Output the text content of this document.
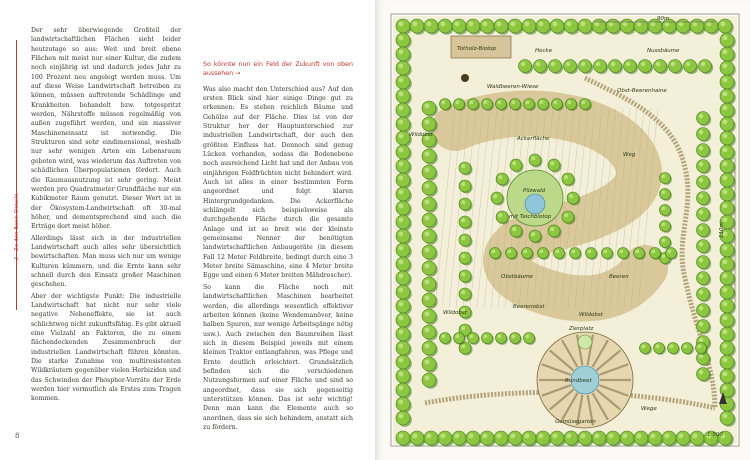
2 · Zu den Basis-Details

Der sehr überwiegende Großteil der landwirtschaftlichen Flächen sieht leider heutzutage so aus: Weit und breit ebene Flächen mit meist nur einer Kultur, die zudem noch einjährig ist und dadurch jedes Jahr zu 100 Prozent neu angelegt werden muss. Um auf diese Weise Landwirtschaft betreiben zu können, müssen auftretende Schädlinge und Krankheiten behandelt bzw. totgespritzt werden, Nährstoffe müssen regelmäßig von außen zugeführt werden, und ein massiver Maschineneinsatz ist notwendig. Die Strukturen sind sehr eindimensional, weshalb nur sehr wenigen Arten ein Lebensraum geboten wird, was wiederum das Auftreten von schädlichen Überpopulationen fördert. Auch die Raumausnutzung ist sehr gering. Meist werden pro Quadratmeter Grundfläche nur ein Kubikmeter Raum genutzt. Dieser Wert ist in der Ökosystem-Landwirtschaft oft 30-mal höher, und dementsprechend sind auch die Erträge dort meist höher.

Allerdings lässt sich in der industriellen Landwirtschaft auch alles sehr übersichtlich bewirtschaften. Man muss sich nur um wenige Kulturen kümmern, und die Ernte kann sehr schnell durch den Einsatz großer Maschinen geschehen.

Aber der wichtigste Punkt: Die industrielle Landwirtschaft hat nicht nur sehr viele negative Nebeneffekte, sie ist auch schlichtweg nicht zukunftsfähig. Es gibt aktuell eine Vielzahl an Faktoren, die zu einem flächendeckenden Zusammenbruch der industriellen Landwirtschaft führen könnten. Die starke Zunahme von multiresistenten Wildkräutern gegenüber vielen Herbiziden und das Schwinden der Phosphor-Vorräte der Erde werden hier vermutlich als Erstes zum Tragen kommen.

So könnte nun ein Feld der Zukunft von oben aussehen →

Was also macht den Unterschied aus? Auf den ersten Blick sind hier einige Dinge gut zu erkennen: Es stehen reichlich Bäume und Gehölze auf der Fläche. Dies ist von der Struktur her der Hauptunterschied zur industriellen Landwirtschaft, der auch den größten Einfluss hat. Dennoch sind genug Lücken vorhanden, sodass die Bodenebene noch ausreichend Licht hat und der Anbau von einjährigen Feldfrüchten nicht behindert wird. Auch ist alles in einer bestimmten Form angeordnet und folgt klaren Hintergrundgedanken. Die Ackerfläche schlängelt sich beispielsweise als durchgehende Fläche durch die gesamte Anlage und ist so breit wie der kleinste gemeinsame Nenner der benötigten landwirtschaftlichen Anbaugeräte (in diesem Fall 12 Meter Feldbreite, bedingt durch eine 3 Meter breite Sämaschine, eine 4 Meter breite Egge und einen 6 Meter breiten Mähdrescher).

So kann die Fläche noch mit landwirtschaftlichen Maschinen bearbeitet werden, die allerdings wesentlich effektiver arbeiten können (keine Wendemanöver, keine halben Spuren, nur wenige Arbeitsgänge nötig usw.). Auch zwischen den Baumreihen lässt sich in diesem Beispiel jeweils mit einem kleinen Traktor entlangfahren, was Pflege und Ernte deutlich erleichtert. Grundsätzlich befinden sich die verschiedenen Nutzungsformen auf einer Fläche und sind so angeordnet, dass sie sich gegenseitig unterstützen können. Das ist sehr wichtig! Denn man kann die Elemente auch so anordnen, dass sie sich behindern, anstatt sich zu fördern.

8
90m
110m
Totholz-Biotop	Hecke	Nussbäume
Waldbeeren-Wiese
Obst-Beerenhaine
Wildobst
Ackerfläche
Weg
Pilzwald
mit Teichbiotop
Obstbäume	Beeren
Wildobst
Beerenobst
Wildobst
Zierplatz
Rundbeet
Gemüsegarten
Wege
1:500
